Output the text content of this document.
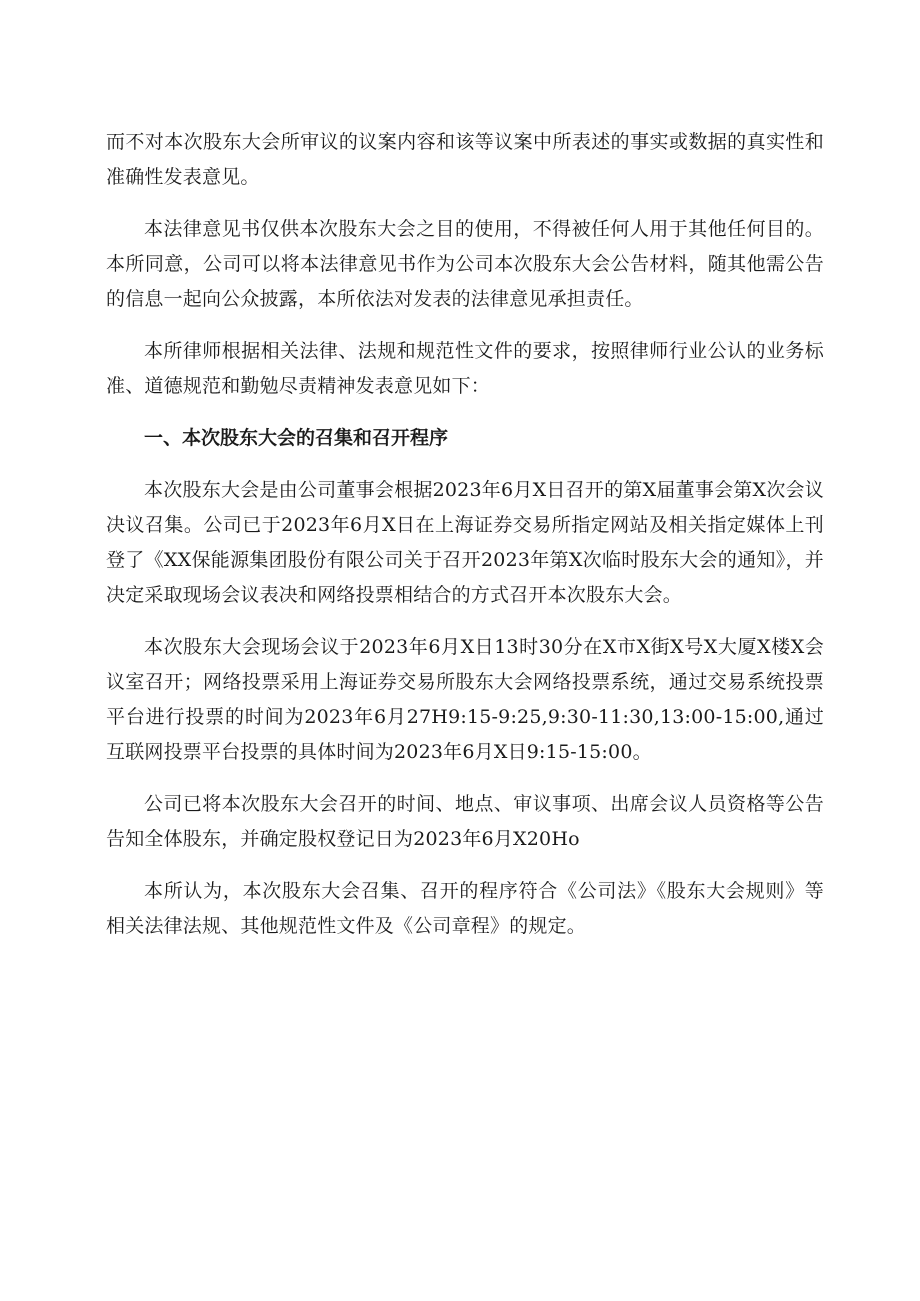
而不对本次股东大会所审议的议案内容和该等议案中所表述的事实或数据的真实性和准确性发表意见。

本法律意见书仅供本次股东大会之目的使用，不得被任何人用于其他任何目的。本所同意，公司可以将本法律意见书作为公司本次股东大会公告材料，随其他需公告的信息一起向公众披露，本所依法对发表的法律意见承担责任。

本所律师根据相关法律、法规和规范性文件的要求，按照律师行业公认的业务标准、道德规范和勤勉尽责精神发表意见如下：

一、本次股东大会的召集和召开程序

本次股东大会是由公司董事会根据2023年6月X日召开的第X届董事会第X次会议决议召集。公司已于2023年6月X日在上海证券交易所指定网站及相关指定媒体上刊登了《XX保能源集团股份有限公司关于召开2023年第X次临时股东大会的通知》，并决定采取现场会议表决和网络投票相结合的方式召开本次股东大会。

本次股东大会现场会议于2023年6月X日13时30分在X市X街X号X大厦X楼X会议室召开；网络投票采用上海证券交易所股东大会网络投票系统，通过交易系统投票平台进行投票的时间为2023年6月27H9:15-9:25,9:30-11:30,13:00-15:00,通过互联网投票平台投票的具体时间为2023年6月X日9:15-15:00。

公司已将本次股东大会召开的时间、地点、审议事项、出席会议人员资格等公告告知全体股东，并确定股权登记日为2023年6月X20Ho

本所认为，本次股东大会召集、召开的程序符合《公司法》《股东大会规则》等相关法律法规、其他规范性文件及《公司章程》的规定。
